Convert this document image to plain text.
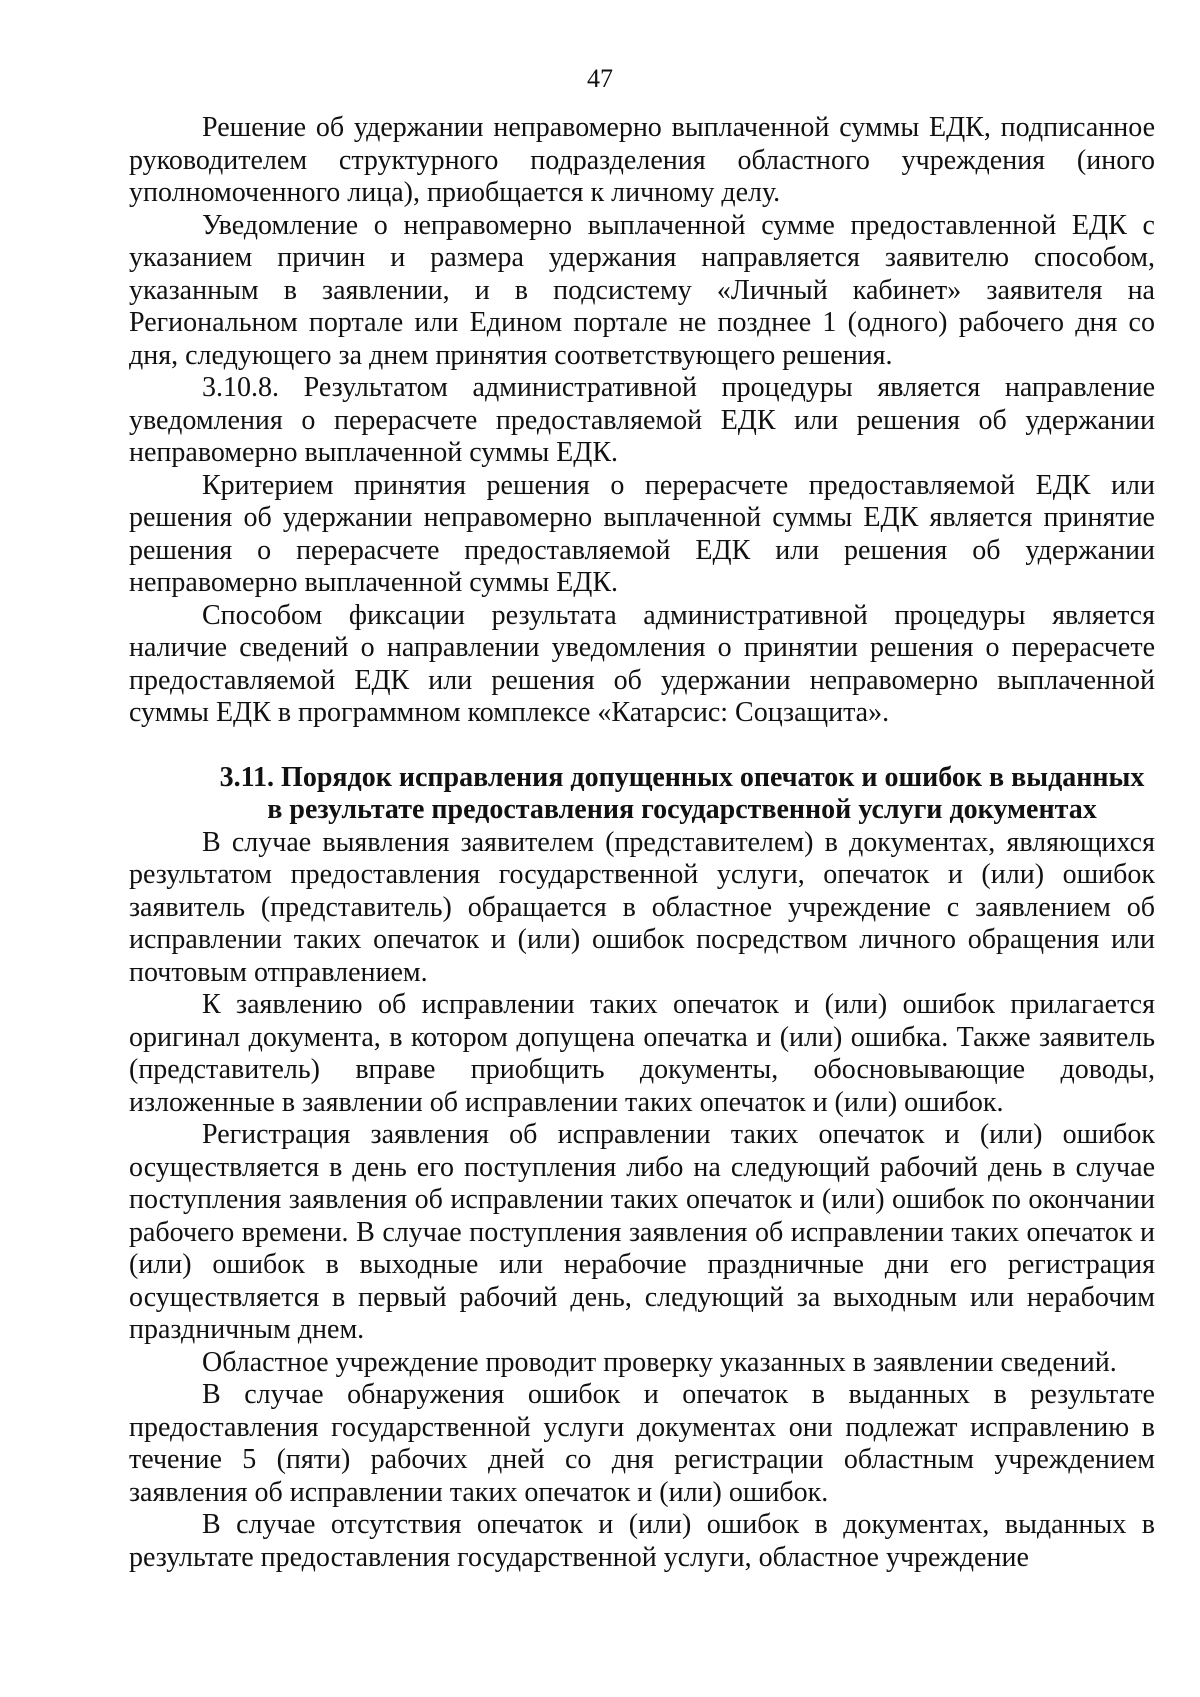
47

Решение об удержании неправомерно выплаченной суммы ЕДК, подписанное руководителем структурного подразделения областного учреждения (иного уполномоченного лица), приобщается к личному делу.

Уведомление о неправомерно выплаченной сумме предоставленной ЕДК с указанием причин и размера удержания направляется заявителю способом, указанным в заявлении, и в подсистему «Личный кабинет» заявителя на Региональном портале или Едином портале не позднее 1 (одного) рабочего дня со дня, следующего за днем принятия соответствующего решения.

3.10.8. Результатом административной процедуры является направление уведомления о перерасчете предоставляемой ЕДК или решения об удержании неправомерно выплаченной суммы ЕДК.

Критерием принятия решения о перерасчете предоставляемой ЕДК или решения об удержании неправомерно выплаченной суммы ЕДК является принятие решения о перерасчете предоставляемой ЕДК или решения об удержании неправомерно выплаченной суммы ЕДК.

Способом фиксации результата административной процедуры является наличие сведений о направлении уведомления о принятии решения о перерасчете предоставляемой ЕДК или решения об удержании неправомерно выплаченной суммы ЕДК в программном комплексе «Катарсис: Соцзащита».

3.11. Порядок исправления допущенных опечаток и ошибок в выданных
в результате предоставления государственной услуги документах

В случае выявления заявителем (представителем) в документах, являющихся результатом предоставления государственной услуги, опечаток и (или) ошибок заявитель (представитель) обращается в областное учреждение с заявлением об исправлении таких опечаток и (или) ошибок посредством личного обращения или почтовым отправлением.

К заявлению об исправлении таких опечаток и (или) ошибок прилагается оригинал документа, в котором допущена опечатка и (или) ошибка. Также заявитель (представитель) вправе приобщить документы, обосновывающие доводы, изложенные в заявлении об исправлении таких опечаток и (или) ошибок.

Регистрация заявления об исправлении таких опечаток и (или) ошибок осуществляется в день его поступления либо на следующий рабочий день в случае поступления заявления об исправлении таких опечаток и (или) ошибок по окончании рабочего времени. В случае поступления заявления об исправлении таких опечаток и (или) ошибок в выходные или нерабочие праздничные дни его регистрация осуществляется в первый рабочий день, следующий за выходным или нерабочим праздничным днем.

Областное учреждение проводит проверку указанных в заявлении сведений.

В случае обнаружения ошибок и опечаток в выданных в результате предоставления государственной услуги документах они подлежат исправлению в течение 5 (пяти) рабочих дней со дня регистрации областным учреждением заявления об исправлении таких опечаток и (или) ошибок.

В случае отсутствия опечаток и (или) ошибок в документах, выданных в результате предоставления государственной услуги, областное учреждение
